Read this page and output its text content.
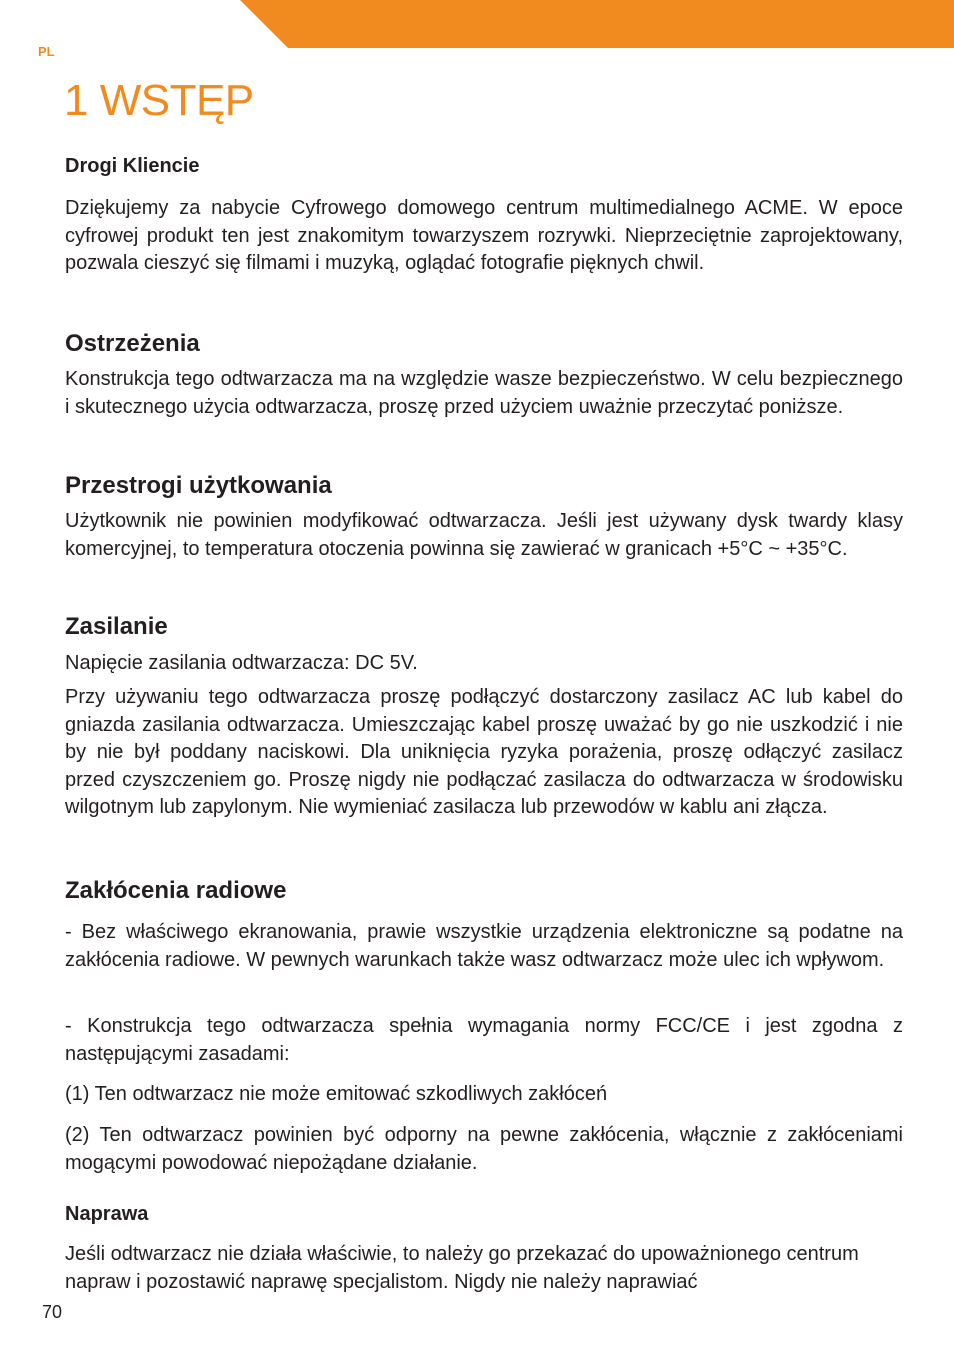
PL
1 WSTĘP
Drogi Kliencie

Dziękujemy za nabycie Cyfrowego domowego centrum multimedialnego ACME. W epoce cyfrowej produkt ten jest znakomitym towarzyszem rozrywki. Nieprzeciętnie zaprojektowany, pozwala cieszyć się filmami i muzyką, oglądać fotografie pięknych chwil.

Ostrzeżenia

Konstrukcja tego odtwarzacza ma na względzie wasze bezpieczeństwo. W celu bezpiecznego i skutecznego użycia odtwarzacza, proszę przed użyciem uważnie przeczytać poniższe.

Przestrogi użytkowania

Użytkownik nie powinien modyfikować odtwarzacza. Jeśli jest używany dysk twardy klasy komercyjnej, to temperatura otoczenia powinna się zawierać w granicach +5°C ~ +35°C.

Zasilanie

Napięcie zasilania odtwarzacza: DC 5V.

Przy używaniu tego odtwarzacza proszę podłączyć dostarczony zasilacz AC lub kabel do gniazda zasilania odtwarzacza. Umieszczając kabel proszę uważać by go nie uszkodzić i nie by nie był poddany naciskowi. Dla uniknięcia ryzyka porażenia, proszę odłączyć zasilacz przed czyszczeniem go. Proszę nigdy nie podłączać zasilacza do odtwarzacza w środowisku wilgotnym lub zapylonym. Nie wymieniać zasilacza lub przewodów w kablu ani złącza.

Zakłócenia radiowe

- Bez właściwego ekranowania, prawie wszystkie urządzenia elektroniczne są podatne na zakłócenia radiowe. W pewnych warunkach także wasz odtwarzacz może ulec ich wpływom.

- Konstrukcja tego odtwarzacza spełnia wymagania normy FCC/CE i jest zgodna z następującymi zasadami:

(1) Ten odtwarzacz nie może emitować szkodliwych zakłóceń

(2) Ten odtwarzacz powinien być odporny na pewne zakłócenia, włącznie z zakłóceniami mogącymi powodować niepożądane działanie.

Naprawa

Jeśli odtwarzacz nie działa właściwie, to należy go przekazać do upoważnionego centrum napraw i pozostawić naprawę specjalistom. Nigdy nie należy naprawiać

70
